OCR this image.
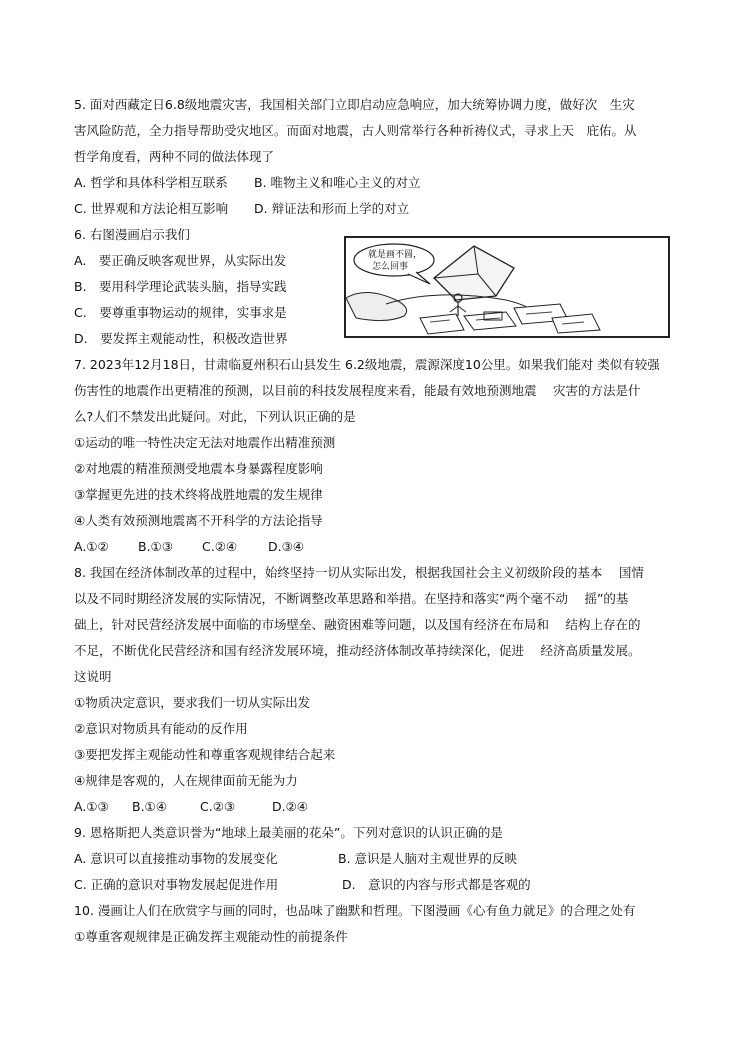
5. 面对西藏定日6.8级地震灾害，我国相关部门立即启动应急响应，加大统筹协调力度，做好次　生灾
害风险防范，全力指导帮助受灾地区。而面对地震，古人则常举行各种祈祷仪式，寻求上天　庇佑。从
哲学角度看，两种不同的做法体现了
A. 哲学和具体科学相互联系 B. 唯物主义和唯心主义的对立
C. 世界观和方法论相互影响 D. 辩证法和形而上学的对立
6. 右图漫画启示我们
A.　要正确反映客观世界，从实际出发
B.　要用科学理论武装头脑，指导实践
C.　要尊重事物运动的规律，实事求是
D.　要发挥主观能动性，积极改造世界
就是画不圆，
怎么回事
7. 2023年12月18日，甘肃临夏州积石山县发生 6.2级地震，震源深度10公里。如果我们能对 类似有较强
伤害性的地震作出更精准的预测，以目前的科技发展程度来看，能最有效地预测地震　 灾害的方法是什
么?人们不禁发出此疑问。对此，下列认识正确的是
①运动的唯一特性决定无法对地震作出精准预测
②对地震的精准预测受地震本身暴露程度影响
③掌握更先进的技术终将战胜地震的发生规律
④人类有效预测地震离不开科学的方法论指导
A.①② B.①③ C.②④ D.③④
8. 我国在经济体制改革的过程中，始终坚持一切从实际出发，根据我国社会主义初级阶段的基本　 国情
以及不同时期经济发展的实际情况，不断调整改革思路和举措。在坚持和落实“两个毫不动　 摇”的基
础上，针对民营经济发展中面临的市场壁垒、融资困难等问题，以及国有经济在布局和　 结构上存在的
不足，不断优化民营经济和国有经济发展环境，推动经济体制改革持续深化，促进　 经济高质量发展。
这说明
①物质决定意识，要求我们一切从实际出发
②意识对物质具有能动的反作用
③要把发挥主观能动性和尊重客观规律结合起来
④规律是客观的，人在规律面前无能为力
A.①③ B.①④	C.②③	D.②④
9. 恩格斯把人类意识誉为“地球上最美丽的花朵”。下列对意识的认识正确的是
A. 意识可以直接推动事物的发展变化	B. 意识是人脑对主观世界的反映
C. 正确的意识对事物发展起促进作用	D.　意识的内容与形式都是客观的
10. 漫画让人们在欣赏字与画的同时，也品味了幽默和哲理。下图漫画《心有鱼力就足》的合理之处有
①尊重客观规律是正确发挥主观能动性的前提条件
